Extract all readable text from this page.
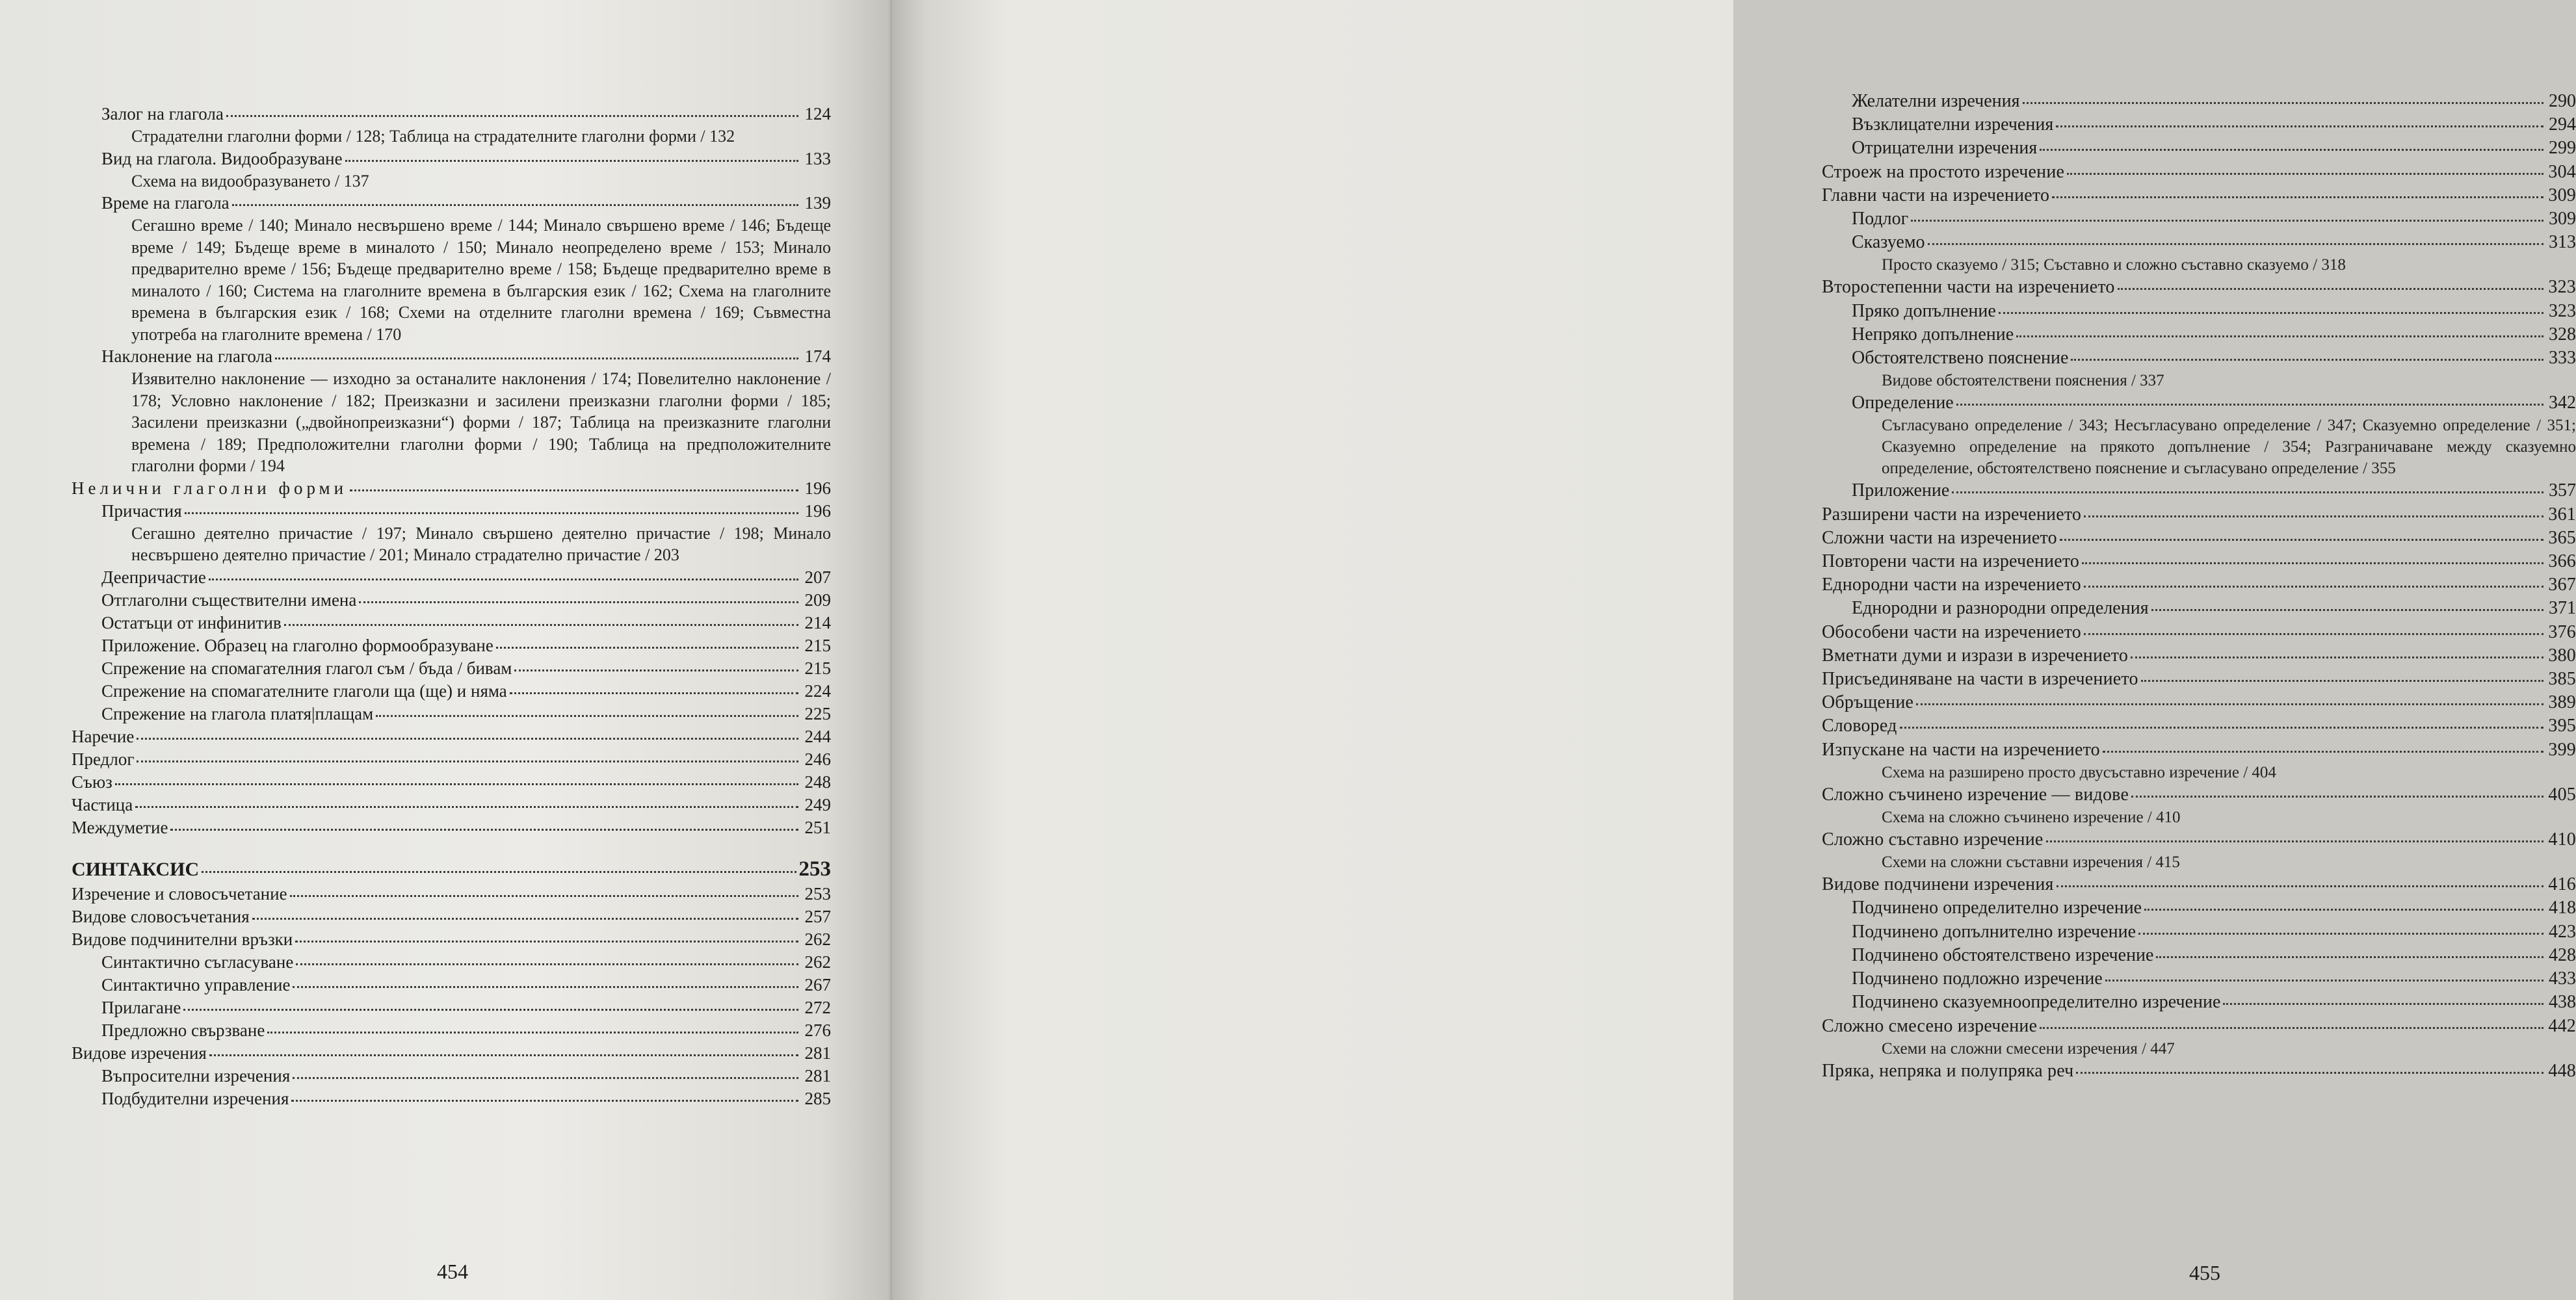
Залог на глагола	124
Страдателни глаголни форми / 128; Таблица на страдателните глаголни форми / 132
Вид на глагола. Видообразуване	133
Схема на видообразуването / 137
Време на глагола	139
Сегашно време / 140; Минало несвършено време / 144; Минало свършено време / 146; Бъдеще време / 149; Бъдеще време в миналото / 150; Минало неопределено време / 153; Минало предварително време / 156; Бъдеще предварително време / 158; Бъдеще предварително време в миналото / 160; Система на глаголните времена в българския език / 162; Схема на глаголните времена в българския език / 168; Схеми на отделните глаголни времена / 169; Съвместна употреба на глаголните времена / 170
Наклонение на глагола	174
Изявително наклонение — изходно за останалите наклонения / 174; Повелително наклонение / 178; Условно наклонение / 182; Преизказни и засилени преизказни глаголни форми / 185; Засилени преизказни („двойнопреизказни“) форми / 187; Таблица на преизказните глаголни времена / 189; Предположителни глаголни форми / 190; Таблица на предположителните глаголни форми / 194
Нелични глаголни форми	196
Причастия	196
Сегашно деятелно причастие / 197; Минало свършено деятелно причастие / 198; Минало несвършено деятелно причастие / 201; Минало страдателно причастие / 203
Деепричастие	207
Отглаголни съществителни имена	209
Остатъци от инфинитив	214
Приложение. Образец на глаголно формообразуване	215
Спрежение на спомагателния глагол съм / бъда / бивам	215
Спрежение на спомагателните глаголи ща (ще) и няма	224
Спрежение на глагола платя|плащам	225
Наречие	244
Предлог	246
Съюз	248
Частица	249
Междуметие	251
СИНТАКСИС	253
Изречение и словосъчетание	253
Видове словосъчетания	257
Видове подчинителни връзки	262
Синтактично съгласуване	262
Синтактично управление	267
Прилагане	272
Предложно свързване	276
Видове изречения	281
Въпросителни изречения	281
Подбудителни изречения	285
454
Желателни изречения	290
Възклицателни изречения	294
Отрицателни изречения	299
Строеж на простото изречение	304
Главни части на изречението	309
Подлог	309
Сказуемо	313
Просто сказуемо / 315; Съставно и сложно съставно сказуемо / 318
Второстепенни части на изречението	323
Пряко допълнение	323
Непряко допълнение	328
Обстоятелствено пояснение	333
Видове обстоятелствени пояснения / 337
Определение	342
Съгласувано определение / 343; Несъгласувано определение / 347; Сказуемно определение / 351; Сказуемно определение на прякото допълнение / 354; Разграничаване между сказуемно определение, обстоятелствено пояснение и съгласувано определение / 355
Приложение	357
Разширени части на изречението	361
Сложни части на изречението	365
Повторени части на изречението	366
Еднородни части на изречението	367
Еднородни и разнородни определения	371
Обособени части на изречението	376
Вметнати думи и изрази в изречението	380
Присъединяване на части в изречението	385
Обръщение	389
Словоред	395
Изпускане на части на изречението	399
Схема на разширено просто двусъставно изречение / 404
Сложно съчинено изречение — видове	405
Схема на сложно съчинено изречение / 410
Сложно съставно изречение	410
Схеми на сложни съставни изречения / 415
Видове подчинени изречения	416
Подчинено определително изречение	418
Подчинено допълнително изречение	423
Подчинено обстоятелствено изречение	428
Подчинено подложно изречение	433
Подчинено сказуемноопределително изречение	438
Сложно смесено изречение	442
Схеми на сложни смесени изречения / 447
Пряка, непряка и полупряка реч	448
455
